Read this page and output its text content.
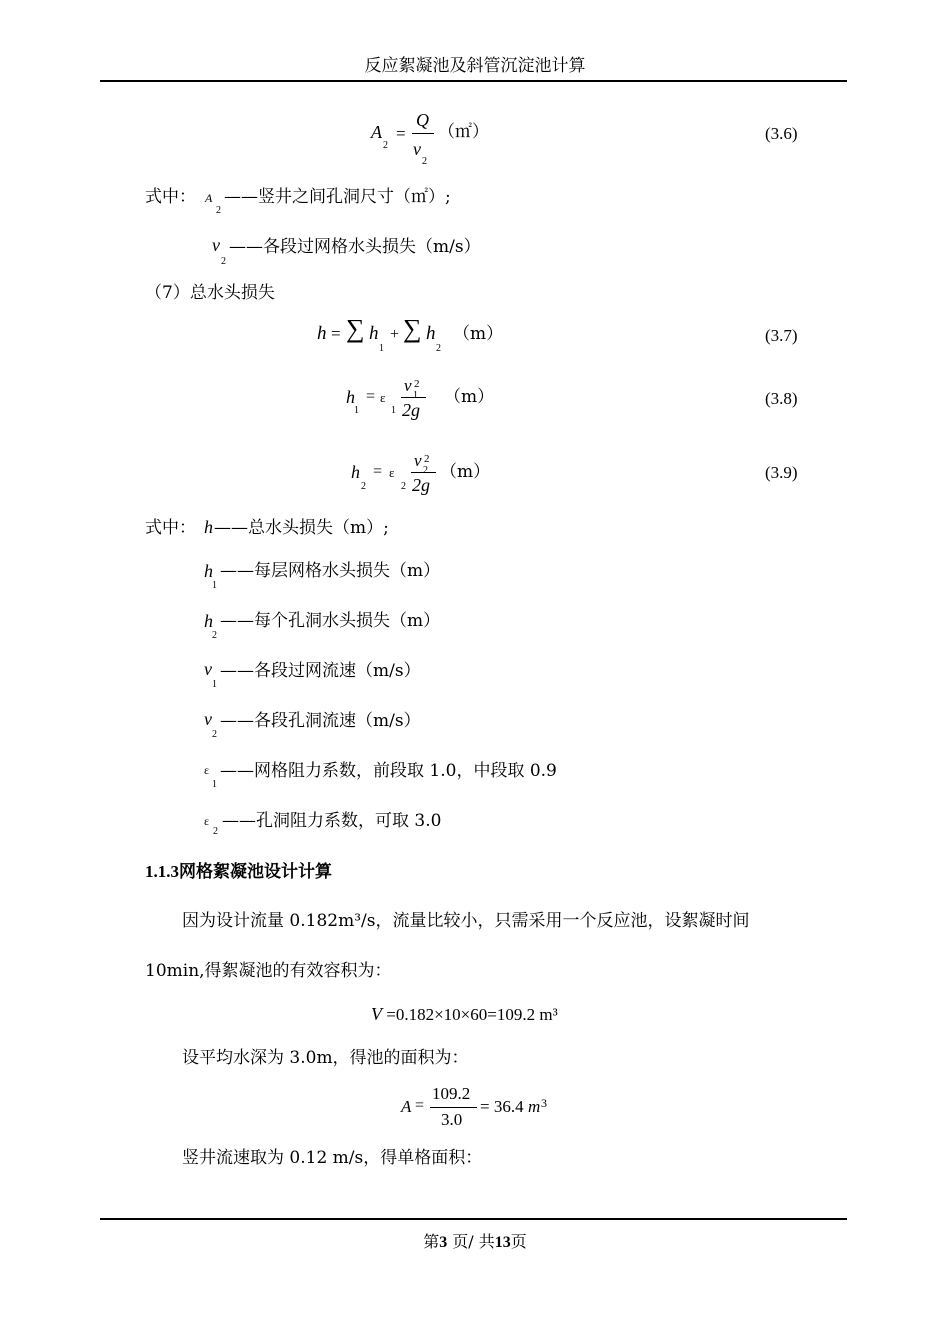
反应絮凝池及斜管沉淀池计算
A
2
=
Q
v
2
（㎡）	(3.6)
式中： A
2
——竖井之间孔洞尺寸（㎡）;
v
2
——各段过网格水头损失（m/s）
（7）总水头损失
h = ∑ h
1
+ ∑ h
2
（m）	(3.7)
h
1
= ε
1
v 2
1
2g
（m）	(3.8)
h
2
= ε
2
v 2
2
2g
（m）	(3.9)
式中： h ——总水头损失（m）;
h
1
——每层网格水头损失（m）
h
2
——每个孔洞水头损失（m）
v
1
——各段过网流速（m/s）
v
2
——各段孔洞流速（m/s）
ε
1
——网格阻力系数，前段取 1.0，中段取 0.9
ε
2
——孔洞阻力系数，可取 3.0
1.1.3网格絮凝池设计计算
因为设计流量 0.182m³/s，流量比较小，只需采用一个反应池，设絮凝时间
10min,得絮凝池的有效容积为：
V =0.182×10×60=109.2 m³
设平均水深为 3.0m，得池的面积为：
A =
109.2
3.0
= 36.4 m 3
竖井流速取为 0.12 m/s，得单格面积：
第3 页/ 共13页
